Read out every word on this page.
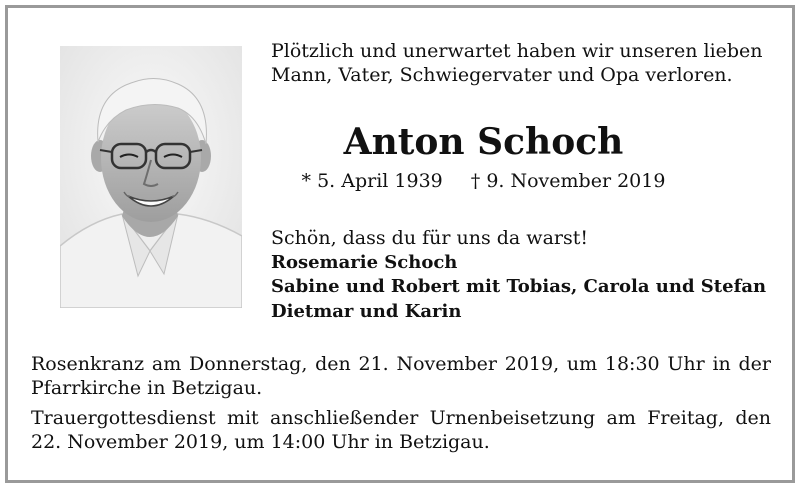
Plötzlich und unerwartet haben wir unseren lieben
Mann, Vater, Schwiegervater und Opa verloren.
Anton Schoch
* 5. April 1939 † 9. November 2019
Schön, dass du für uns da warst!
Rosemarie Schoch
Sabine und Robert mit Tobias, Carola und Stefan
Dietmar und Karin

Rosenkranz am Donnerstag, den 21. November 2019, um 18:30 Uhr in der Pfarrkirche in Betzigau.

Trauergottesdienst mit anschließender Urnenbeisetzung am Freitag, den 22. November 2019, um 14:00 Uhr in Betzigau.
